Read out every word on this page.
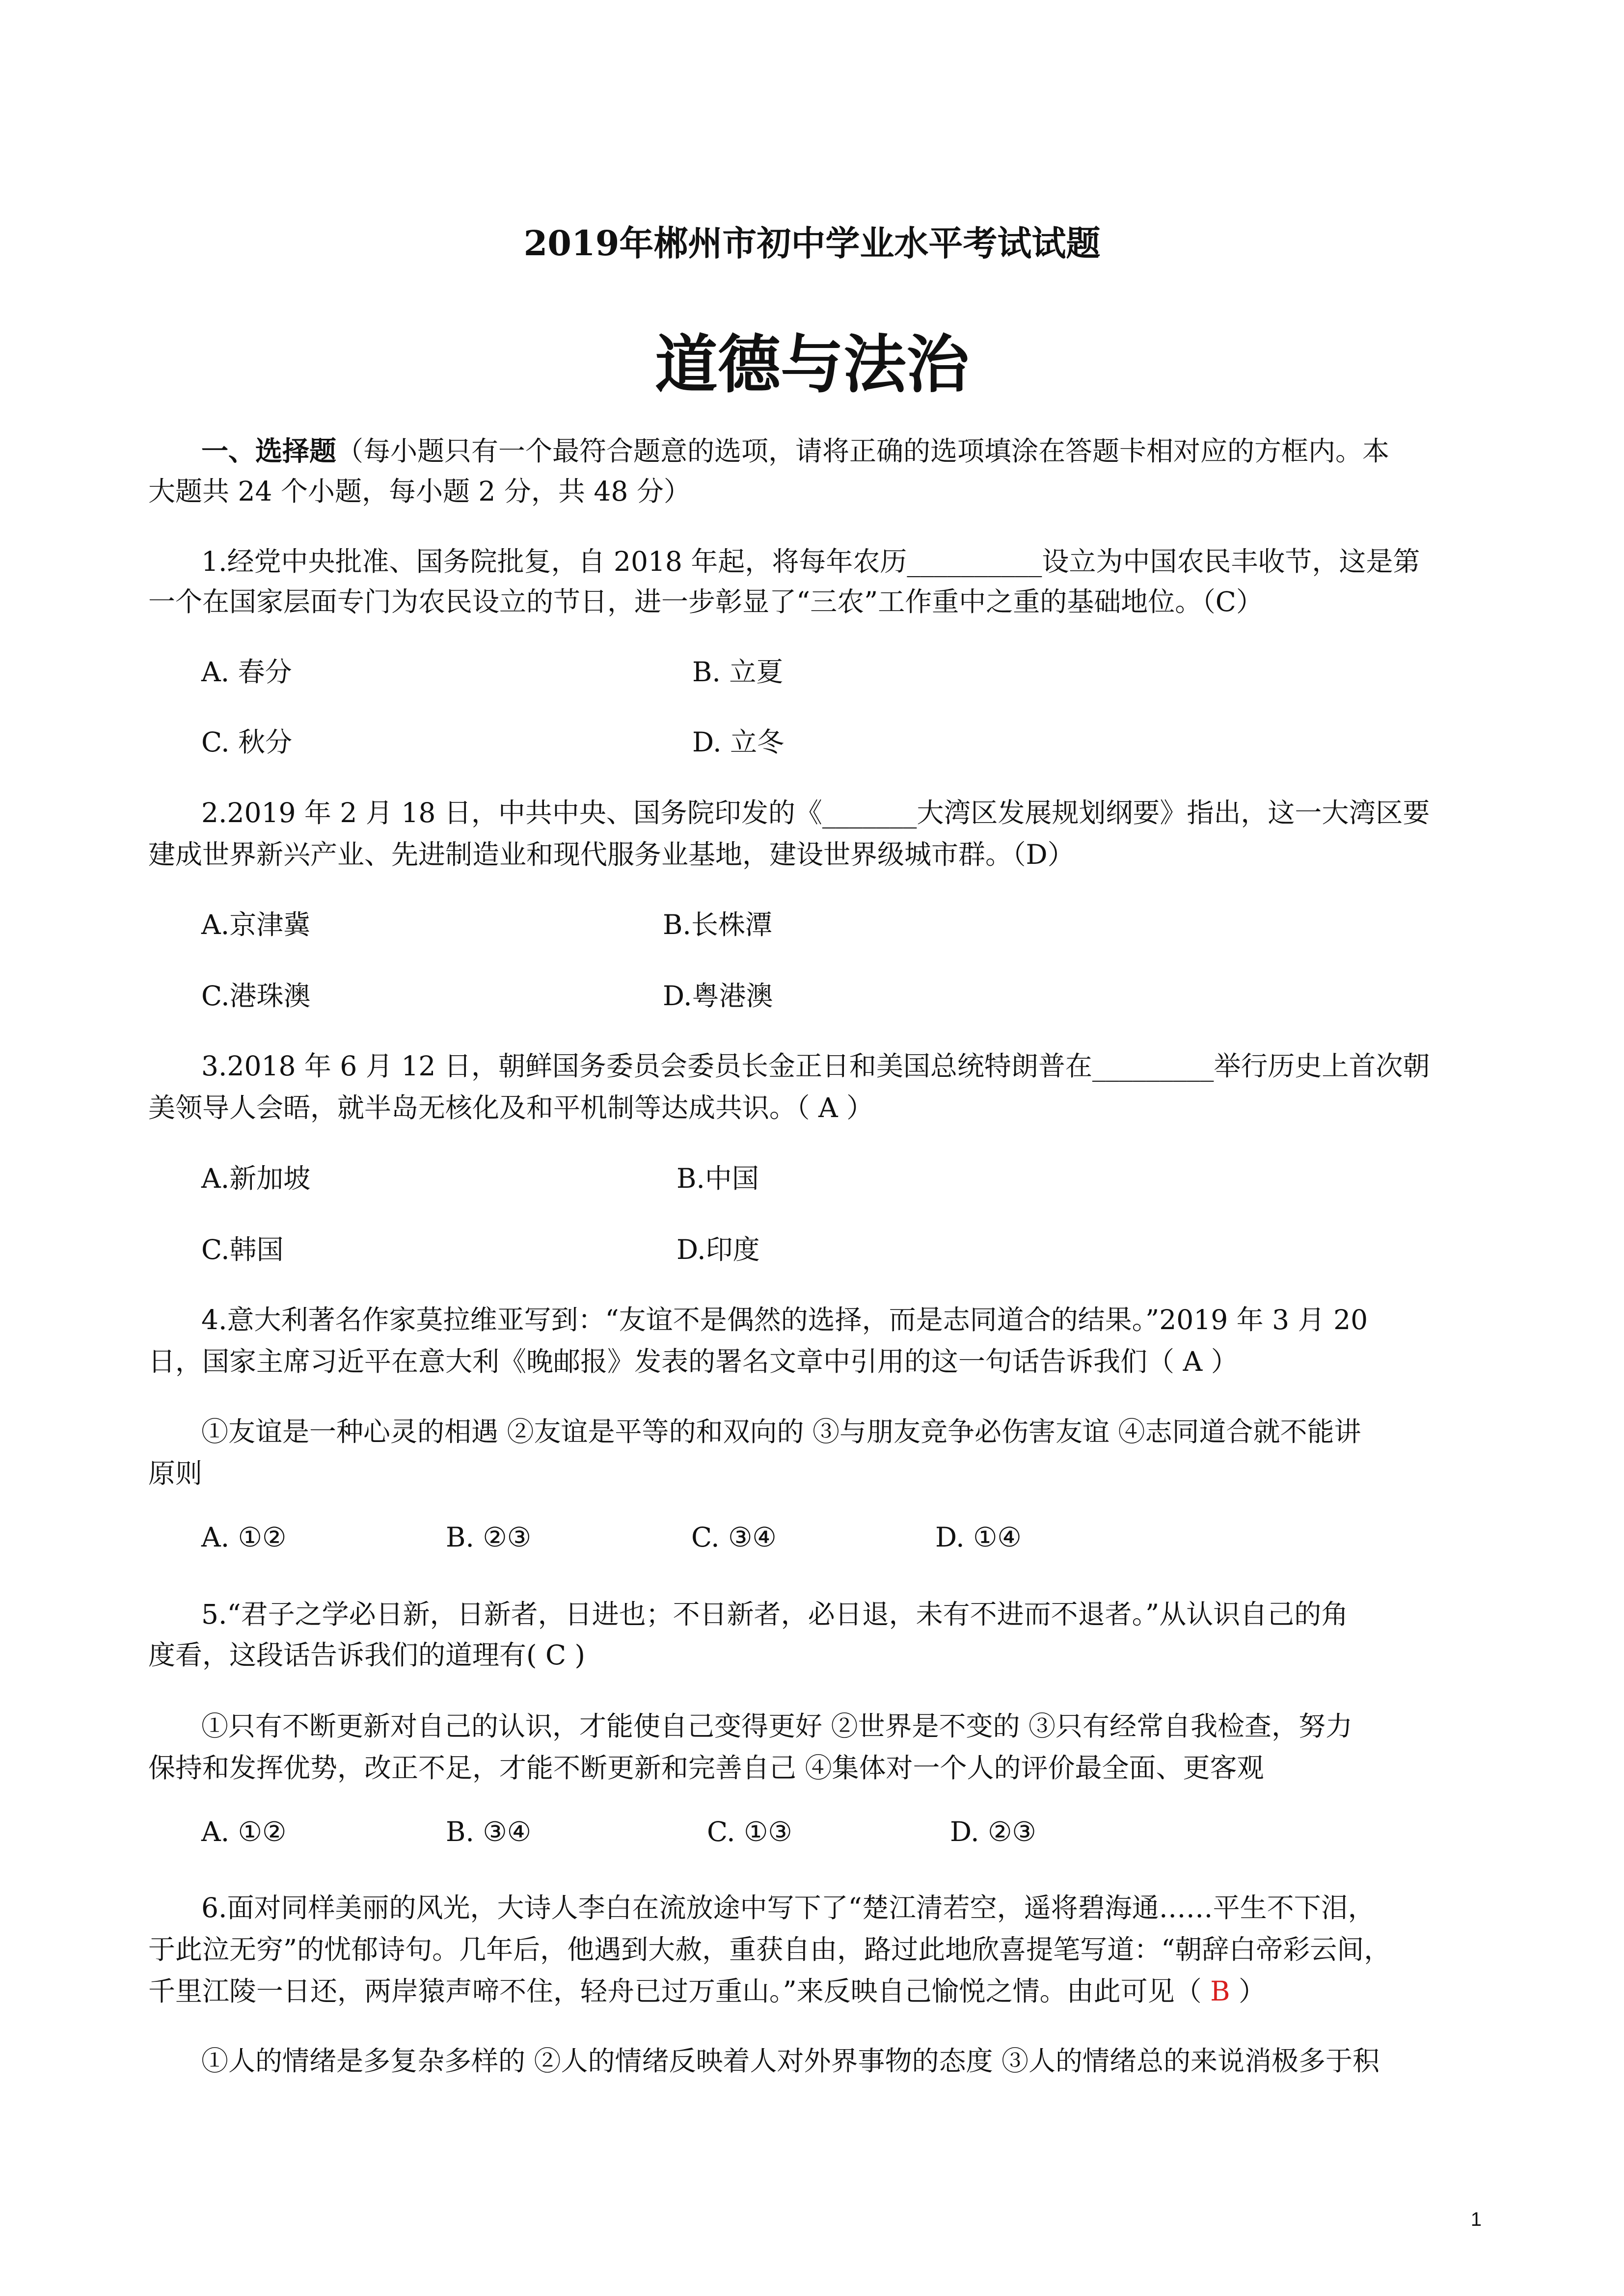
2019年郴州市初中学业水平考试试题
道德与法治
一、选择题（每小题只有一个最符合题意的选项，请将正确的选项填涂在答题卡相对应的方框内。本
大题共 24 个小题，每小题 2 分，共 48 分）
1.经党中央批准、国务院批复，自 2018 年起，将每年农历__________设立为中国农民丰收节，这是第
一个在国家层面专门为农民设立的节日，进一步彰显了“三农”工作重中之重的基础地位。（C）
A. 春分	B. 立夏
C. 秋分	D. 立冬
2.2019 年 2 月 18 日，中共中央、国务院印发的《_______大湾区发展规划纲要》指出，这一大湾区要
建成世界新兴产业、先进制造业和现代服务业基地，建设世界级城市群。（D）
A.京津冀	B.长株潭
C.港珠澳	D.粤港澳
3.2018 年 6 月 12 日，朝鲜国务委员会委员长金正日和美国总统特朗普在_________举行历史上首次朝
美领导人会晤，就半岛无核化及和平机制等达成共识。（ A ）
A.新加坡	B.中国
C.韩国	D.印度
4.意大利著名作家莫拉维亚写到：“友谊不是偶然的选择，而是志同道合的结果。”2019 年 3 月 20
日，国家主席习近平在意大利《晚邮报》发表的署名文章中引用的这一句话告诉我们（ A ）
①友谊是一种心灵的相遇 ②友谊是平等的和双向的 ③与朋友竞争必伤害友谊 ④志同道合就不能讲
原则
A. ①②	B. ②③	C. ③④	D. ①④
5.“君子之学必日新，日新者，日进也；不日新者，必日退，未有不进而不退者。”从认识自己的角
度看，这段话告诉我们的道理有( C )
①只有不断更新对自己的认识，才能使自己变得更好 ②世界是不变的 ③只有经常自我检查，努力
保持和发挥优势，改正不足，才能不断更新和完善自己 ④集体对一个人的评价最全面、更客观
A. ①②	B. ③④	C. ①③	D. ②③
6.面对同样美丽的风光，大诗人李白在流放途中写下了“楚江清若空，遥将碧海通……平生不下泪，
于此泣无穷”的忧郁诗句。几年后，他遇到大赦，重获自由，路过此地欣喜提笔写道：“朝辞白帝彩云间，
千里江陵一日还，两岸猿声啼不住，轻舟已过万重山。”来反映自己愉悦之情。由此可见（ B ）
①人的情绪是多复杂多样的 ②人的情绪反映着人对外界事物的态度 ③人的情绪总的来说消极多于积
1
